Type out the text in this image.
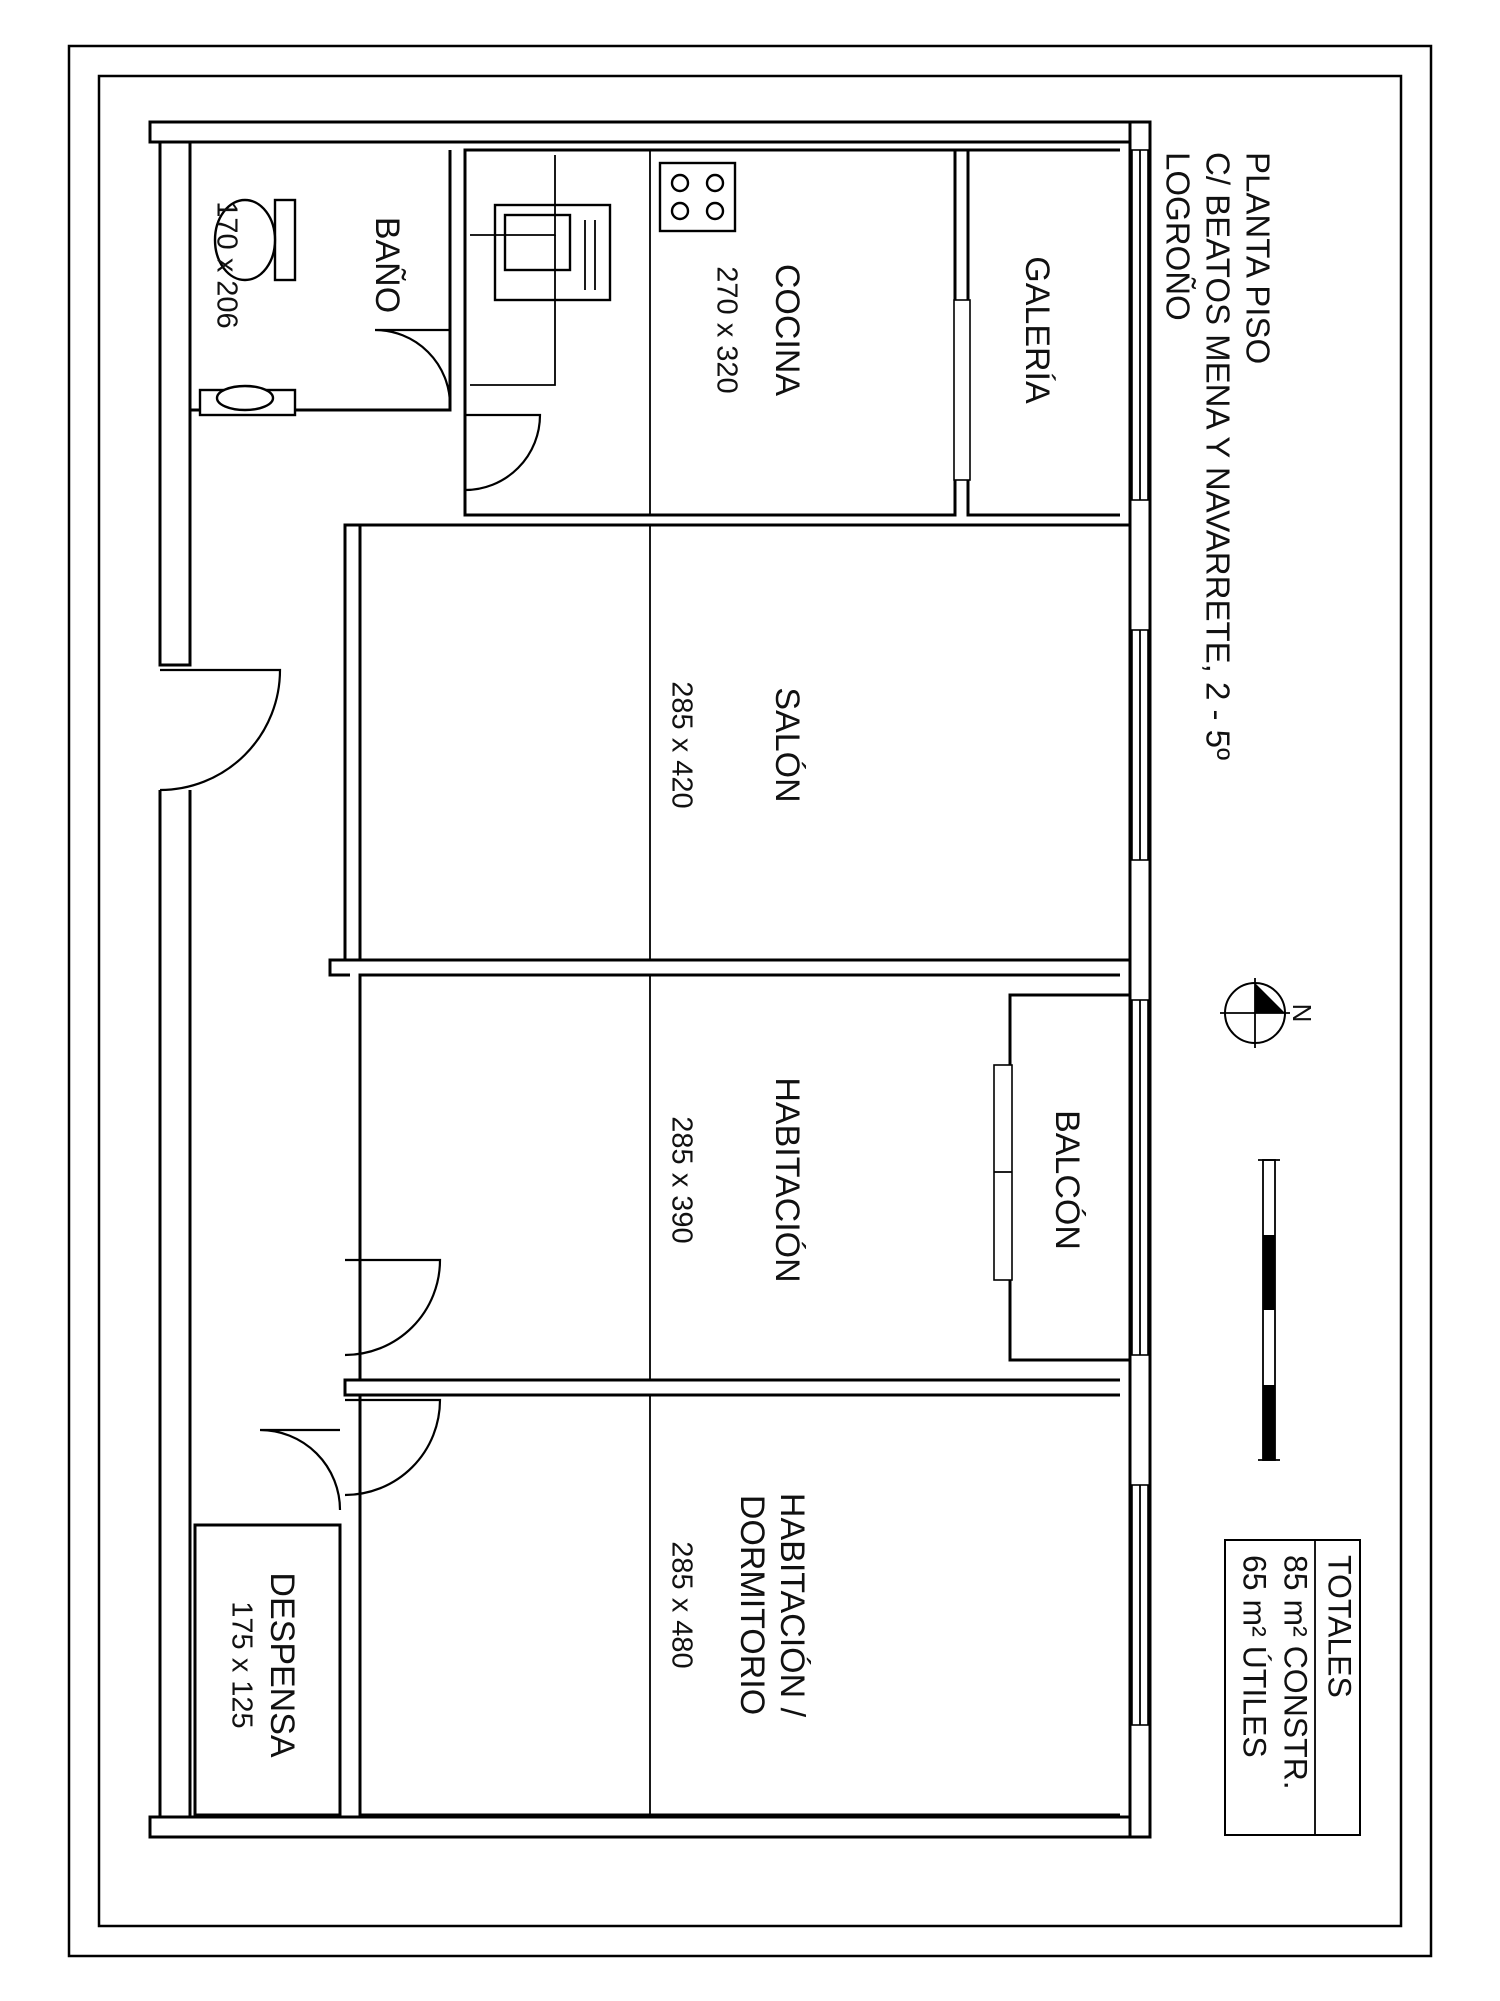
BAÑO
170 x 206	COCINA
270 x 320	GALERÍA
SALÓN
285 x 420
HABITACIÓN
285 x 390	BALCÓN
HABITACIÓN /
DORMITORIO
285 x 480
DESPENSA
175 x 125
PLANTA PISO
C/ BEATOS MENA Y NAVARRETE, 2 - 5º
LOGROÑO
N
TOTALES
85 m² CONSTR.
65 m² ÚTILES
